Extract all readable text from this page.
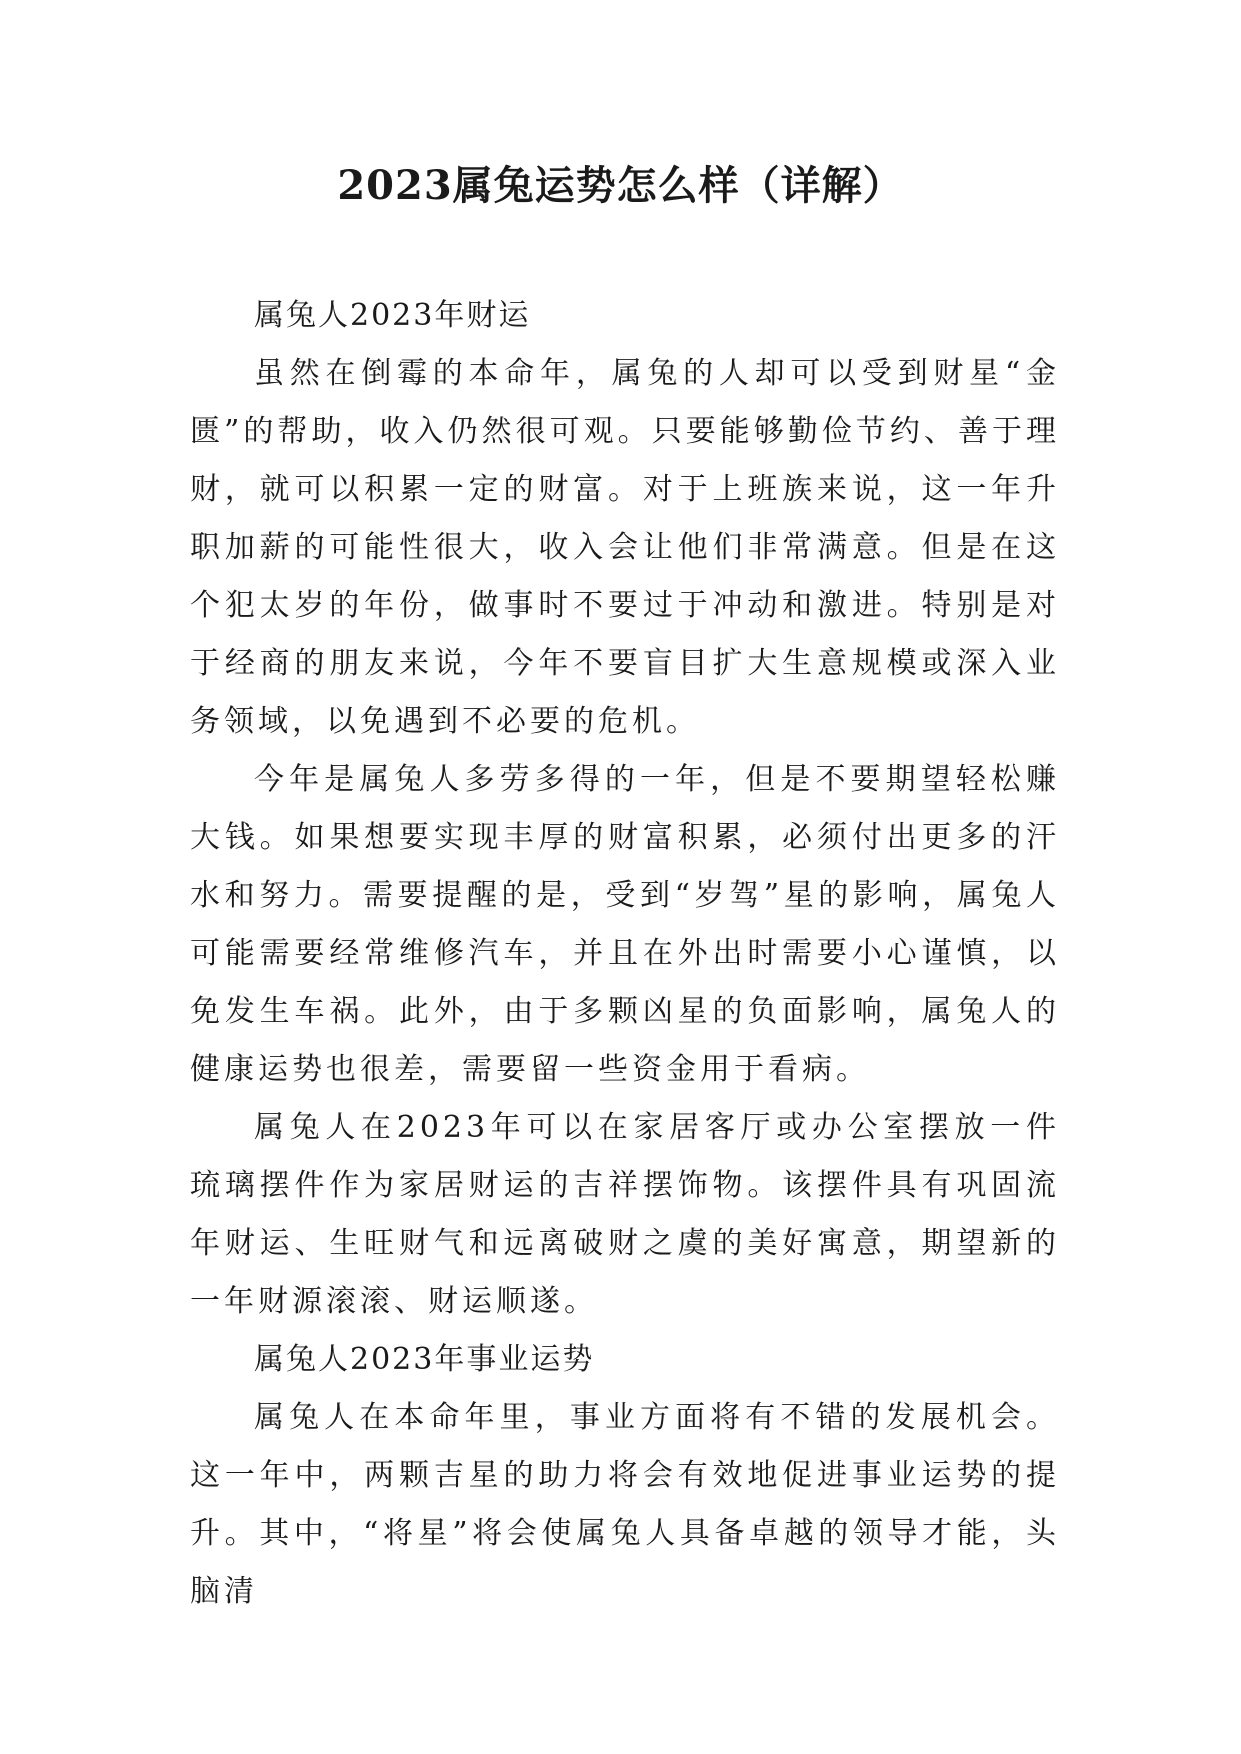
2023属兔运势怎么样（详解）

属兔人2023年财运

虽然在倒霉的本命年，属兔的人却可以受到财星“金匮”的帮助，收入仍然很可观。只要能够勤俭节约、善于理财，就可以积累一定的财富。对于上班族来说，这一年升职加薪的可能性很大，收入会让他们非常满意。但是在这个犯太岁的年份，做事时不要过于冲动和激进。特别是对于经商的朋友来说，今年不要盲目扩大生意规模或深入业务领域，以免遇到不必要的危机。

今年是属兔人多劳多得的一年，但是不要期望轻松赚大钱。如果想要实现丰厚的财富积累，必须付出更多的汗水和努力。需要提醒的是，受到“岁驾”星的影响，属兔人可能需要经常维修汽车，并且在外出时需要小心谨慎，以免发生车祸。此外，由于多颗凶星的负面影响，属兔人的健康运势也很差，需要留一些资金用于看病。

属兔人在2023年可以在家居客厅或办公室摆放一件琉璃摆件作为家居财运的吉祥摆饰物。该摆件具有巩固流年财运、生旺财气和远离破财之虞的美好寓意，期望新的一年财源滚滚、财运顺遂。

属兔人2023年事业运势

属兔人在本命年里，事业方面将有不错的发展机会。这一年中，两颗吉星的助力将会有效地促进事业运势的提升。其中，“将星”将会使属兔人具备卓越的领导才能，头脑清
